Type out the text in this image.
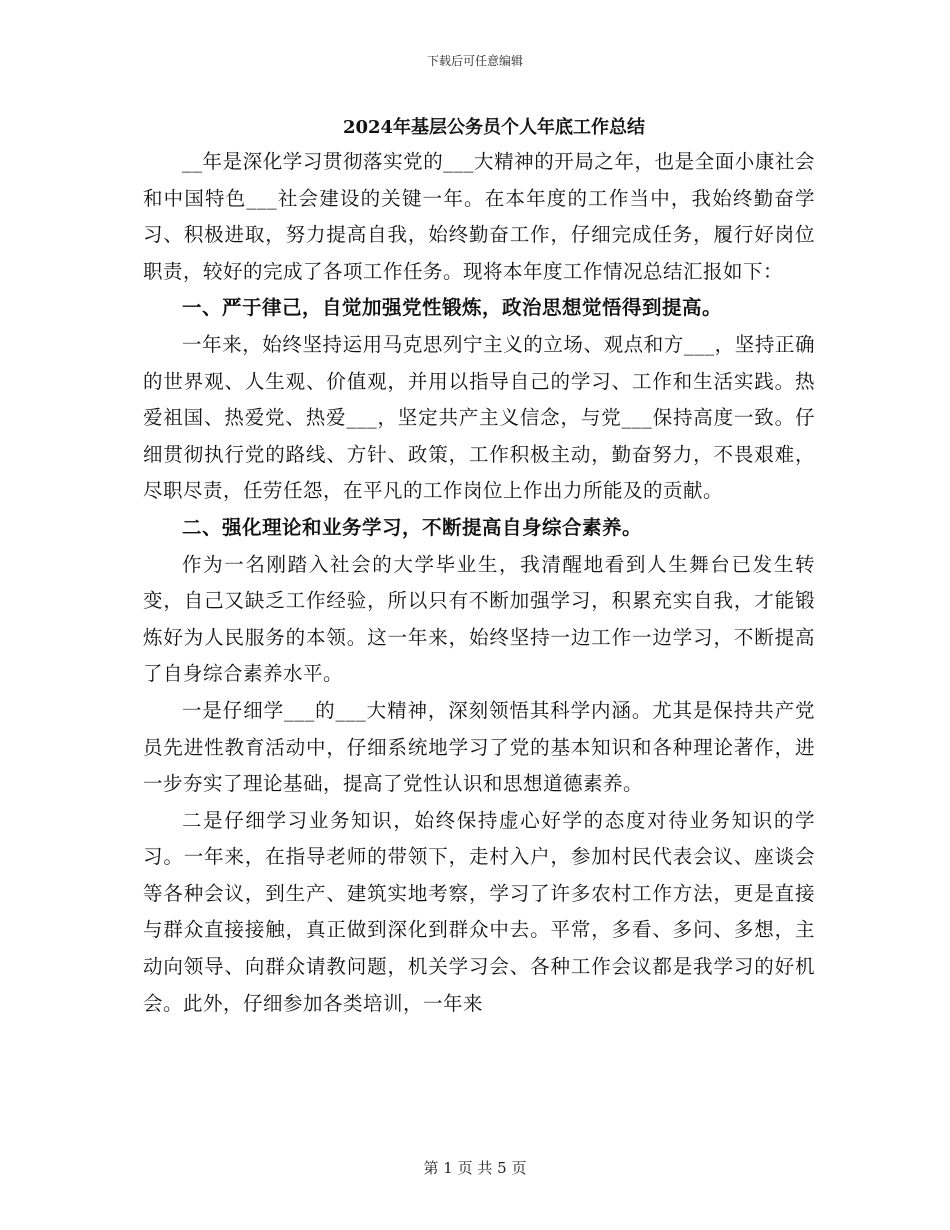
下载后可任意编辑
2024年基层公务员个人年底工作总结

__年是深化学习贯彻落实党的___大精神的开局之年，也是全面小康社会和中国特色___社会建设的关键一年。在本年度的工作当中，我始终勤奋学习、积极进取，努力提高自我，始终勤奋工作，仔细完成任务，履行好岗位职责，较好的完成了各项工作任务。现将本年度工作情况总结汇报如下：

一、严于律己，自觉加强党性锻炼，政治思想觉悟得到提高。

一年来，始终坚持运用马克思列宁主义的立场、观点和方___，坚持正确的世界观、人生观、价值观，并用以指导自己的学习、工作和生活实践。热爱祖国、热爱党、热爱___，坚定共产主义信念，与党___保持高度一致。仔细贯彻执行党的路线、方针、政策，工作积极主动，勤奋努力，不畏艰难，尽职尽责，任劳任怨，在平凡的工作岗位上作出力所能及的贡献。

二、强化理论和业务学习，不断提高自身综合素养。

作为一名刚踏入社会的大学毕业生，我清醒地看到人生舞台已发生转变，自己又缺乏工作经验，所以只有不断加强学习，积累充实自我，才能锻炼好为人民服务的本领。这一年来，始终坚持一边工作一边学习，不断提高了自身综合素养水平。

一是仔细学___的___大精神，深刻领悟其科学内涵。尤其是保持共产党员先进性教育活动中，仔细系统地学习了党的基本知识和各种理论著作，进一步夯实了理论基础，提高了党性认识和思想道德素养。

二是仔细学习业务知识，始终保持虚心好学的态度对待业务知识的学习。一年来，在指导老师的带领下，走村入户，参加村民代表会议、座谈会等各种会议，到生产、建筑实地考察，学习了许多农村工作方法，更是直接与群众直接接触，真正做到深化到群众中去。平常，多看、多问、多想，主动向领导、向群众请教问题，机关学习会、各种工作会议都是我学习的好机会。此外，仔细参加各类培训，一年来

第 1 页 共 5 页
